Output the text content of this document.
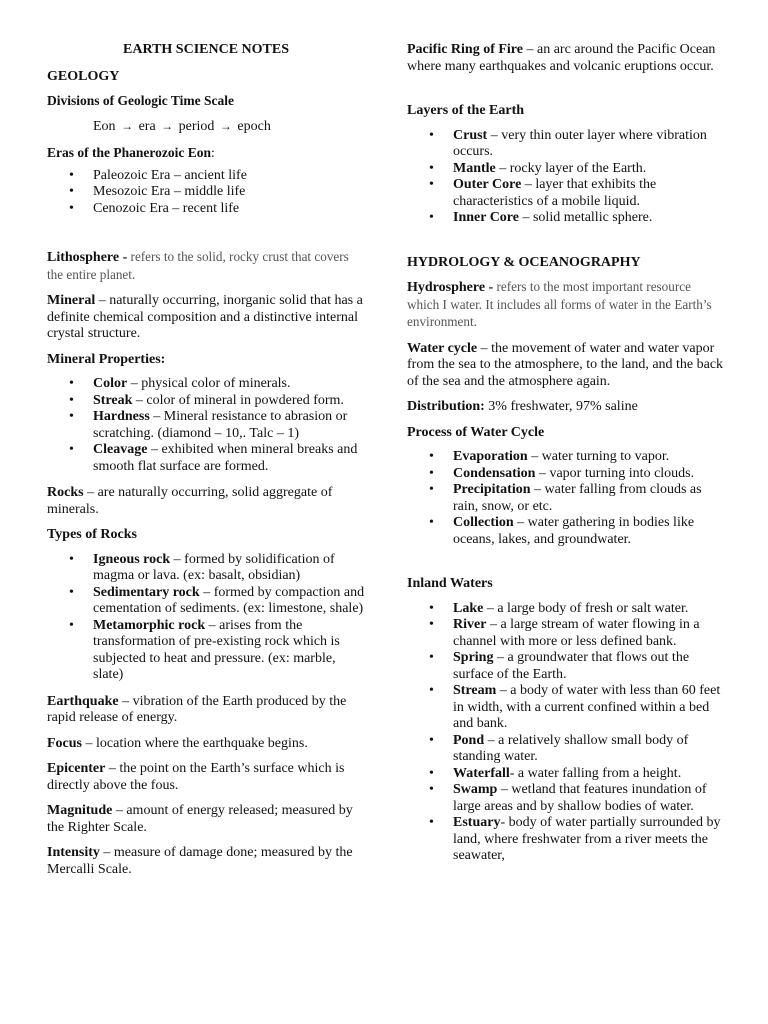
EARTH SCIENCE NOTES

GEOLOGY

Divisions of Geologic Time Scale

Eon → era → period → epoch

Eras of the Phanerozoic Eon:

• Paleozoic Era – ancient life
• Mesozoic Era – middle life
• Cenozoic Era – recent life

Lithosphere - refers to the solid, rocky crust that covers the entire planet.

Mineral – naturally occurring, inorganic solid that has a definite chemical composition and a distinctive internal crystal structure.

Mineral Properties:

• Color – physical color of minerals.
• Streak – color of mineral in powdered form.
• Hardness – Mineral resistance to abrasion or scratching. (diamond – 10,. Talc – 1)
• Cleavage – exhibited when mineral breaks and smooth flat surface are formed.

Rocks – are naturally occurring, solid aggregate of minerals.

Types of Rocks

• Igneous rock – formed by solidification of magma or lava. (ex: basalt, obsidian)
• Sedimentary rock – formed by compaction and cementation of sediments. (ex: limestone, shale)
• Metamorphic rock – arises from the transformation of pre-existing rock which is subjected to heat and pressure. (ex: marble, slate)

Earthquake – vibration of the Earth produced by the rapid release of energy.

Focus – location where the earthquake begins.

Epicenter – the point on the Earth’s surface which is directly above the fous.

Magnitude – amount of energy released; measured by the Righter Scale.

Intensity – measure of damage done; measured by the Mercalli Scale.

Pacific Ring of Fire – an arc around the Pacific Ocean where many earthquakes and volcanic eruptions occur.

Layers of the Earth

• Crust – very thin outer layer where vibration occurs.
• Mantle – rocky layer of the Earth.
• Outer Core – layer that exhibits the characteristics of a mobile liquid.
• Inner Core – solid metallic sphere.

HYDROLOGY & OCEANOGRAPHY

Hydrosphere - refers to the most important resource which I water. It includes all forms of water in the Earth’s environment.

Water cycle – the movement of water and water vapor from the sea to the atmosphere, to the land, and the back of the sea and the atmosphere again.

Distribution: 3% freshwater, 97% saline

Process of Water Cycle

• Evaporation – water turning to vapor.
• Condensation – vapor turning into clouds.
• Precipitation – water falling from clouds as rain, snow, or etc.
• Collection – water gathering in bodies like oceans, lakes, and groundwater.

Inland Waters

• Lake – a large body of fresh or salt water.
• River – a large stream of water flowing in a channel with more or less defined bank.
• Spring – a groundwater that flows out the surface of the Earth.
• Stream – a body of water with less than 60 feet in width, with a current confined within a bed and bank.
• Pond – a relatively shallow small body of standing water.
• Waterfall- a water falling from a height.
• Swamp – wetland that features inundation of large areas and by shallow bodies of water.
• Estuary- body of water partially surrounded by land, where freshwater from a river meets the seawater,
